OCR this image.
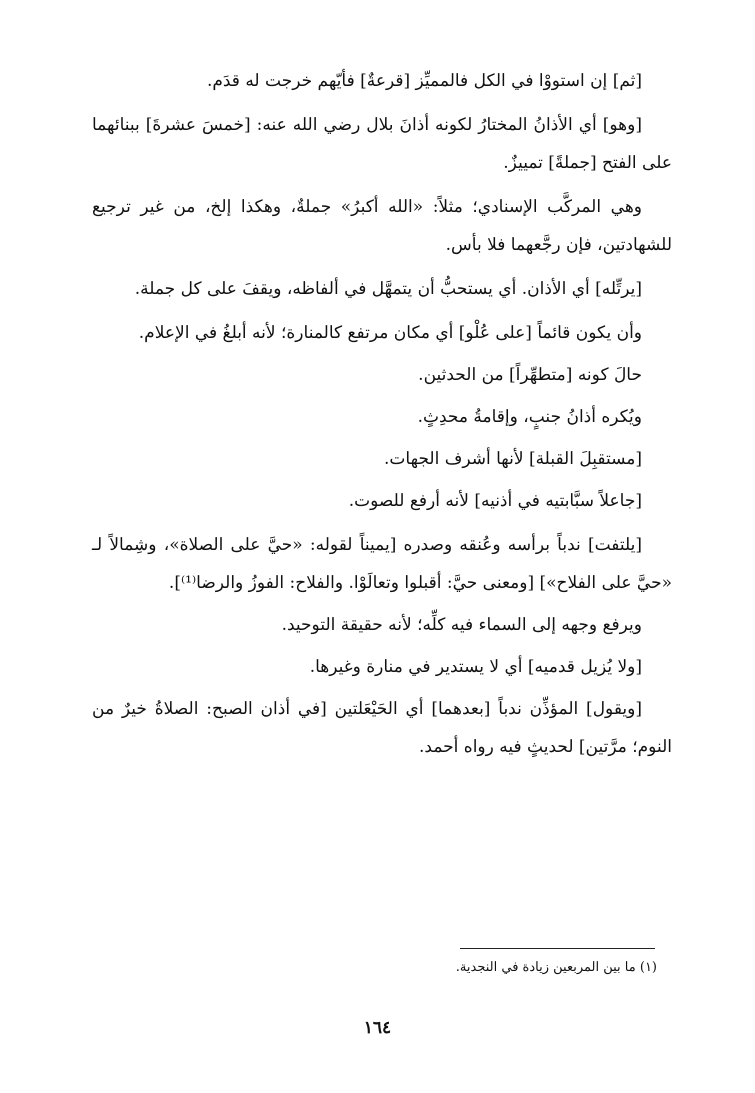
[ثم] إن استووْا في الكل فالمميِّز [قرعةٌ] فأيّهم خرجت له قدَم.

[وهو] أي الأذانُ المختارُ لكونه أذانَ بلال رضي الله عنه: [خمسَ عشرةَ] ببنائهما على الفتح [جملةً] تمييزٌ.

وهي المركَّب الإسنادي؛ مثلاً: «الله أكبرُ» جملةٌ، وهكذا إلخ، من غير ترجيع للشهادتين، فإن رجَّعهما فلا بأس.

[يرتِّله] أي الأذان. أي يستحبُّ أن يتمهَّل في ألفاظه، ويقفَ على كل جملة.

وأن يكون قائماً [على عُلْو] أي مكان مرتفع كالمنارة؛ لأنه أبلغُ في الإعلام.

حالَ كونه [متطهِّراً] من الحدثين.

ويُكره أذانُ جنبٍ، وإقامةُ محدِثٍ.

[مستقبِلَ القبلة] لأنها أشرف الجهات.

[جاعلاً سبَّابتيه في أذنيه] لأنه أرفع للصوت.

[يلتفت] ندباً برأسه وعُنقه وصدره [يميناً لقوله: «حيَّ على الصلاة»، وشِمالاً لـ «حيَّ على الفلاح»] [ومعنى حيَّ: أقبلوا وتعالَوْا. والفلاح: الفوزُ والرضا⁽¹⁾].

ويرفع وجهه إلى السماء فيه كلِّه؛ لأنه حقيقة التوحيد.

[ولا يُزيل قدميه] أي لا يستدير في منارة وغيرها.

[ويقول] المؤذِّن ندباً [بعدهما] أي الحَيْعَلتين [في أذان الصبح: الصلاةُ خيرٌ من النوم؛ مرَّتين] لحديثٍ فيه رواه أحمد.

(١) ما بين المربعين زيادة في النجدية.
١٦٤
